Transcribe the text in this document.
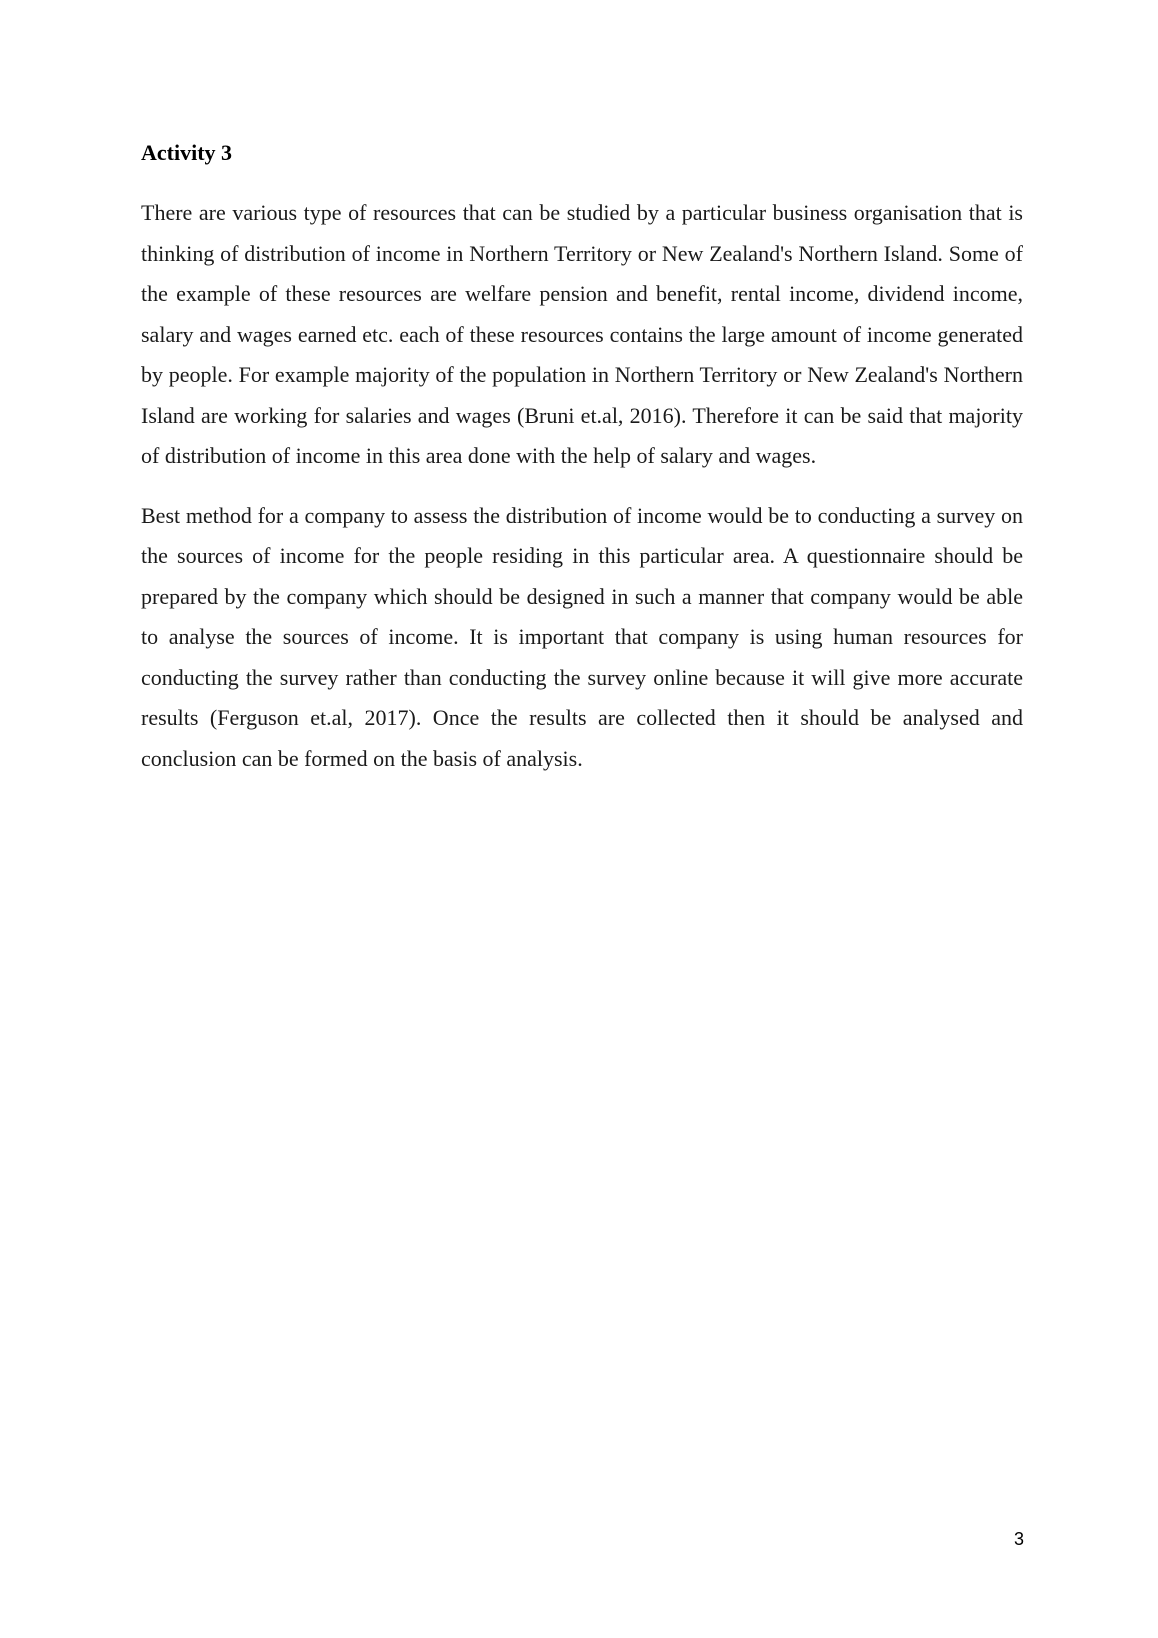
Activity 3

There are various type of resources that can be studied by a particular business organisation that is thinking of distribution of income in Northern Territory or New Zealand's Northern Island. Some of the example of these resources are welfare pension and benefit, rental income, dividend income, salary and wages earned etc. each of these resources contains the large amount of income generated by people. For example majority of the population in Northern Territory or New Zealand's Northern Island are working for salaries and wages (Bruni et.al, 2016). Therefore it can be said that majority of distribution of income in this area done with the help of salary and wages.

Best method for a company to assess the distribution of income would be to conducting a survey on the sources of income for the people residing in this particular area. A questionnaire should be prepared by the company which should be designed in such a manner that company would be able to analyse the sources of income. It is important that company is using human resources for conducting the survey rather than conducting the survey online because it will give more accurate results (Ferguson et.al, 2017). Once the results are collected then it should be analysed and conclusion can be formed on the basis of analysis.

3
